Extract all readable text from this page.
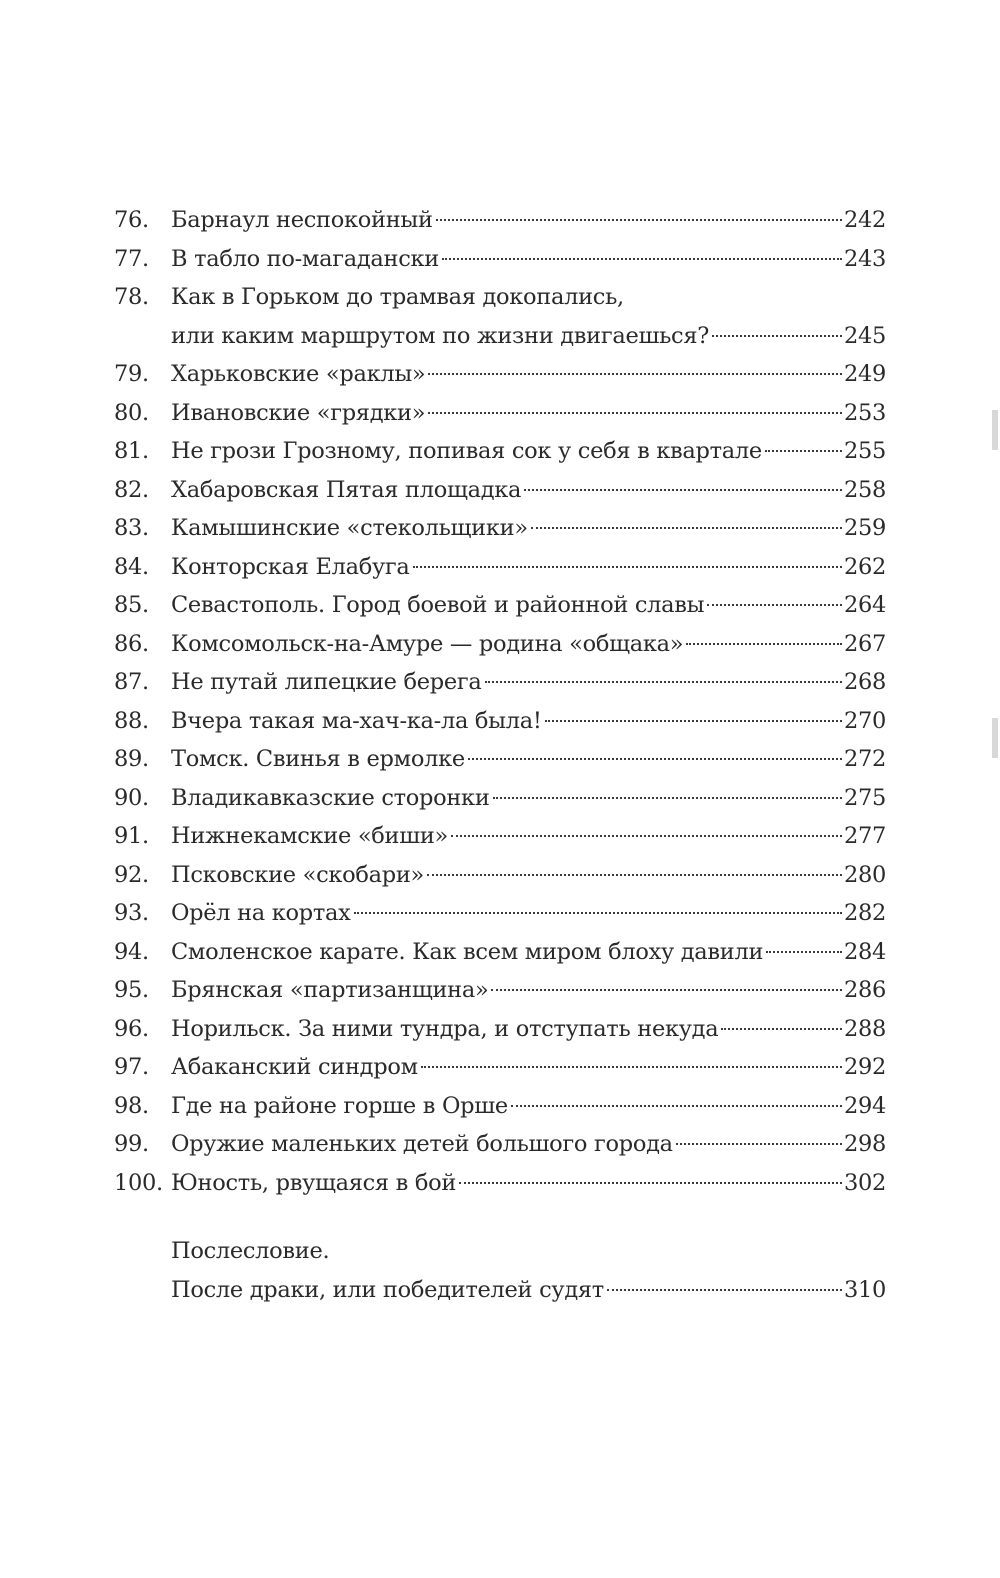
76. Барнаул неспокойный	242
77. В табло по-магадански	243
78. Как в Горьком до трамвая докопались,
или каким маршрутом по жизни двигаешься?	245
79. Харьковские «раклы»	249
80. Ивановские «грядки»	253
81. Не грози Грозному, попивая сок у себя в квартале	255
82. Хабаровская Пятая площадка	258
83. Камышинские «стекольщики»	259
84. Конторская Елабуга	262
85. Севастополь. Город боевой и районной славы	264
86. Комсомольск-на-Амуре — родина «общака»	267
87. Не путай липецкие берега	268
88. Вчера такая ма-хач-ка-ла была!	270
89. Томск. Свинья в ермолке	272
90. Владикавказские сторонки	275
91. Нижнекамские «биши»	277
92. Псковские «скобари»	280
93. Орёл на кортах	282
94. Смоленское карате. Как всем миром блоху давили	284
95. Брянская «партизанщина»	286
96. Норильск. За ними тундра, и отступать некуда	288
97. Абаканский синдром	292
98. Где на районе горше в Орше	294
99. Оружие маленьких детей большого города	298
100. Юность, рвущаяся в бой	302
Послесловие.
После драки, или победителей судят	310
